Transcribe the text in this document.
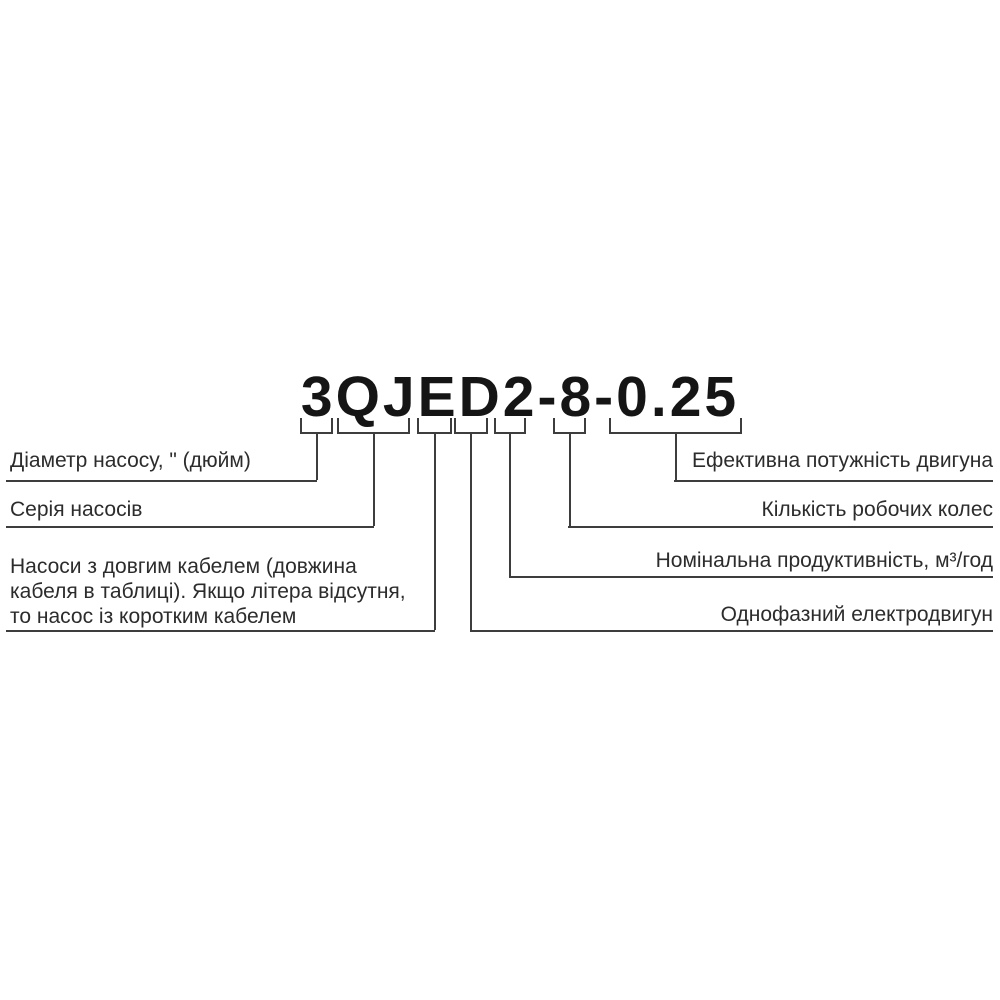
3QJED2-8-0.25
Діаметр насосу, " (дюйм)
Серія насосів
Насоси з довгим кабелем (довжина
кабеля в таблиці). Якщо літера відсутня,
то насос із коротким кабелем
Ефективна потужність двигуна
Кількість робочих колес
Номінальна продуктивність, м³/год
Однофазний електродвигун
